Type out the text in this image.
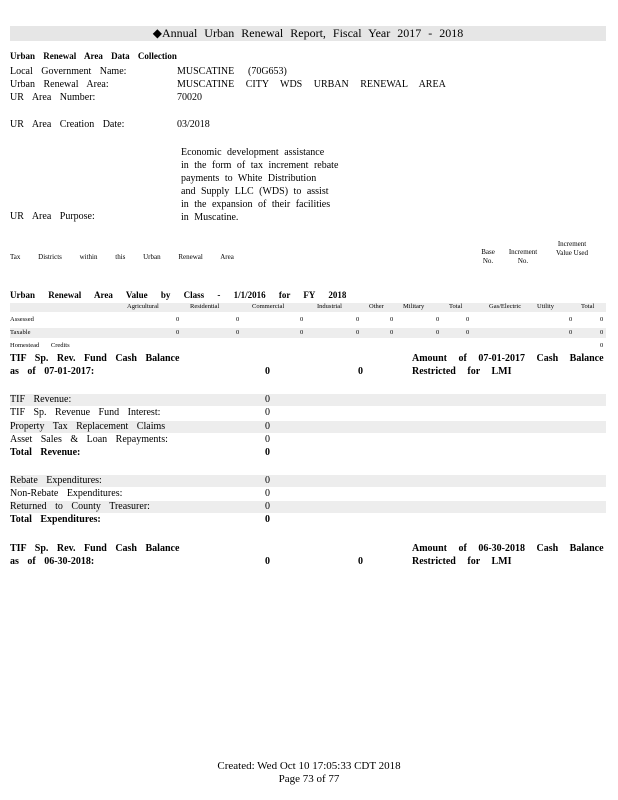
◆Annual Urban Renewal Report, Fiscal Year 2017 - 2018
Urban Renewal Area Data Collection
Local Government Name:	MUSCATINE (70G653)
Urban Renewal Area:	MUSCATINE CITY WDS URBAN RENEWAL AREA
UR Area Number:	70020
UR Area Creation Date:	03/2018
Economic development assistance
in the form of tax increment rebate
payments to White Distribution
and Supply LLC (WDS) to assist
in the expansion of their facilities
in Muscatine.
UR Area Purpose:
Tax Districts within this Urban Renewal Area
Base No.
Increment No.
Increment Value Used
Urban Renewal Area Value by Class - 1/1/2016 for FY 2018
Agricultural	Residential	Commercial	Industrial	Other	Military	Total	Gas/Electric Utility	Total
Assessed	0	0	0	0	0	0	0	0	0
Taxable	0	0	0	0	0	0	0	0	0
Homestead Credits	0
TIF Sp. Rev. Fund Cash Balance
as of 07-01-2017:	0	0
Amount of 07-01-2017 Cash Balance
Restricted for LMI
TIF Revenue:	0
TIF Sp. Revenue Fund Interest:	0
Property Tax Replacement Claims	0
Asset Sales & Loan Repayments:	0
Total Revenue:	0
Rebate Expenditures:	0
Non-Rebate Expenditures:	0
Returned to County Treasurer:	0
Total Expenditures:	0
TIF Sp. Rev. Fund Cash Balance
as of 06-30-2018:	0	0
Amount of 06-30-2018 Cash Balance
Restricted for LMI
Created: Wed Oct 10 17:05:33 CDT 2018
Page 73 of 77
